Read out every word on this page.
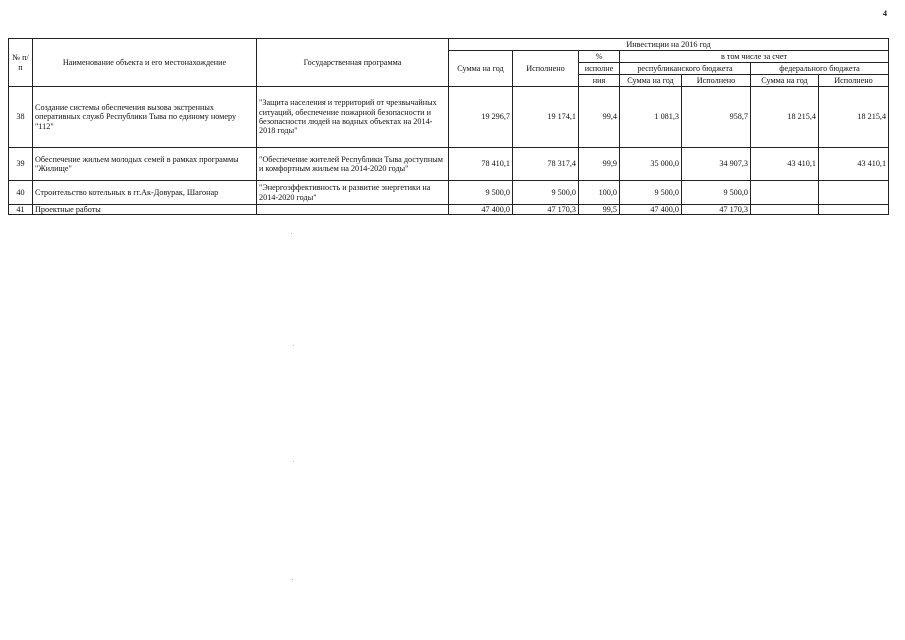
4
№ п/п	Наименование объекта и его местонахождение	Государственная программа	Инвестиции на 2016 год						
			Сумма на год	Исполнено	%	в том числе за счет			
					исполне	республиканского бюджета		федерального бюджета	
					ния	Сумма на год	Исполнено	Сумма на год	Исполнено
38	Создание системы обеспечения вызова экстренных оперативных служб Республики Тыва по единому номеру "112"	"Защита населения и территорий от чрезвычайных ситуаций, обеспечение пожарной безопасности и безопасности людей на водных объектах на 2014-2018 годы"	19 296,7	19 174,1	99,4	1 081,3	958,7	18 215,4	18 215,4
39	Обеспечение жильем молодых семей в рамках программы "Жилище"	"Обеспечение жителей Республики Тыва доступным и комфортным жильем на 2014-2020 годы"	78 410,1	78 317,4	99,9	35 000,0	34 907,3	43 410,1	43 410,1
40	Строительство котельных в гг.Ак-Довурак, Шагонар	"Энергоэффективность и развитие энергетики на 2014-2020 годы"	9 500,0	9 500,0	100,0	9 500,0	9 500,0		
41	Проектные работы		47 400,0	47 170,3	99,5	47 400,0	47 170,3		
